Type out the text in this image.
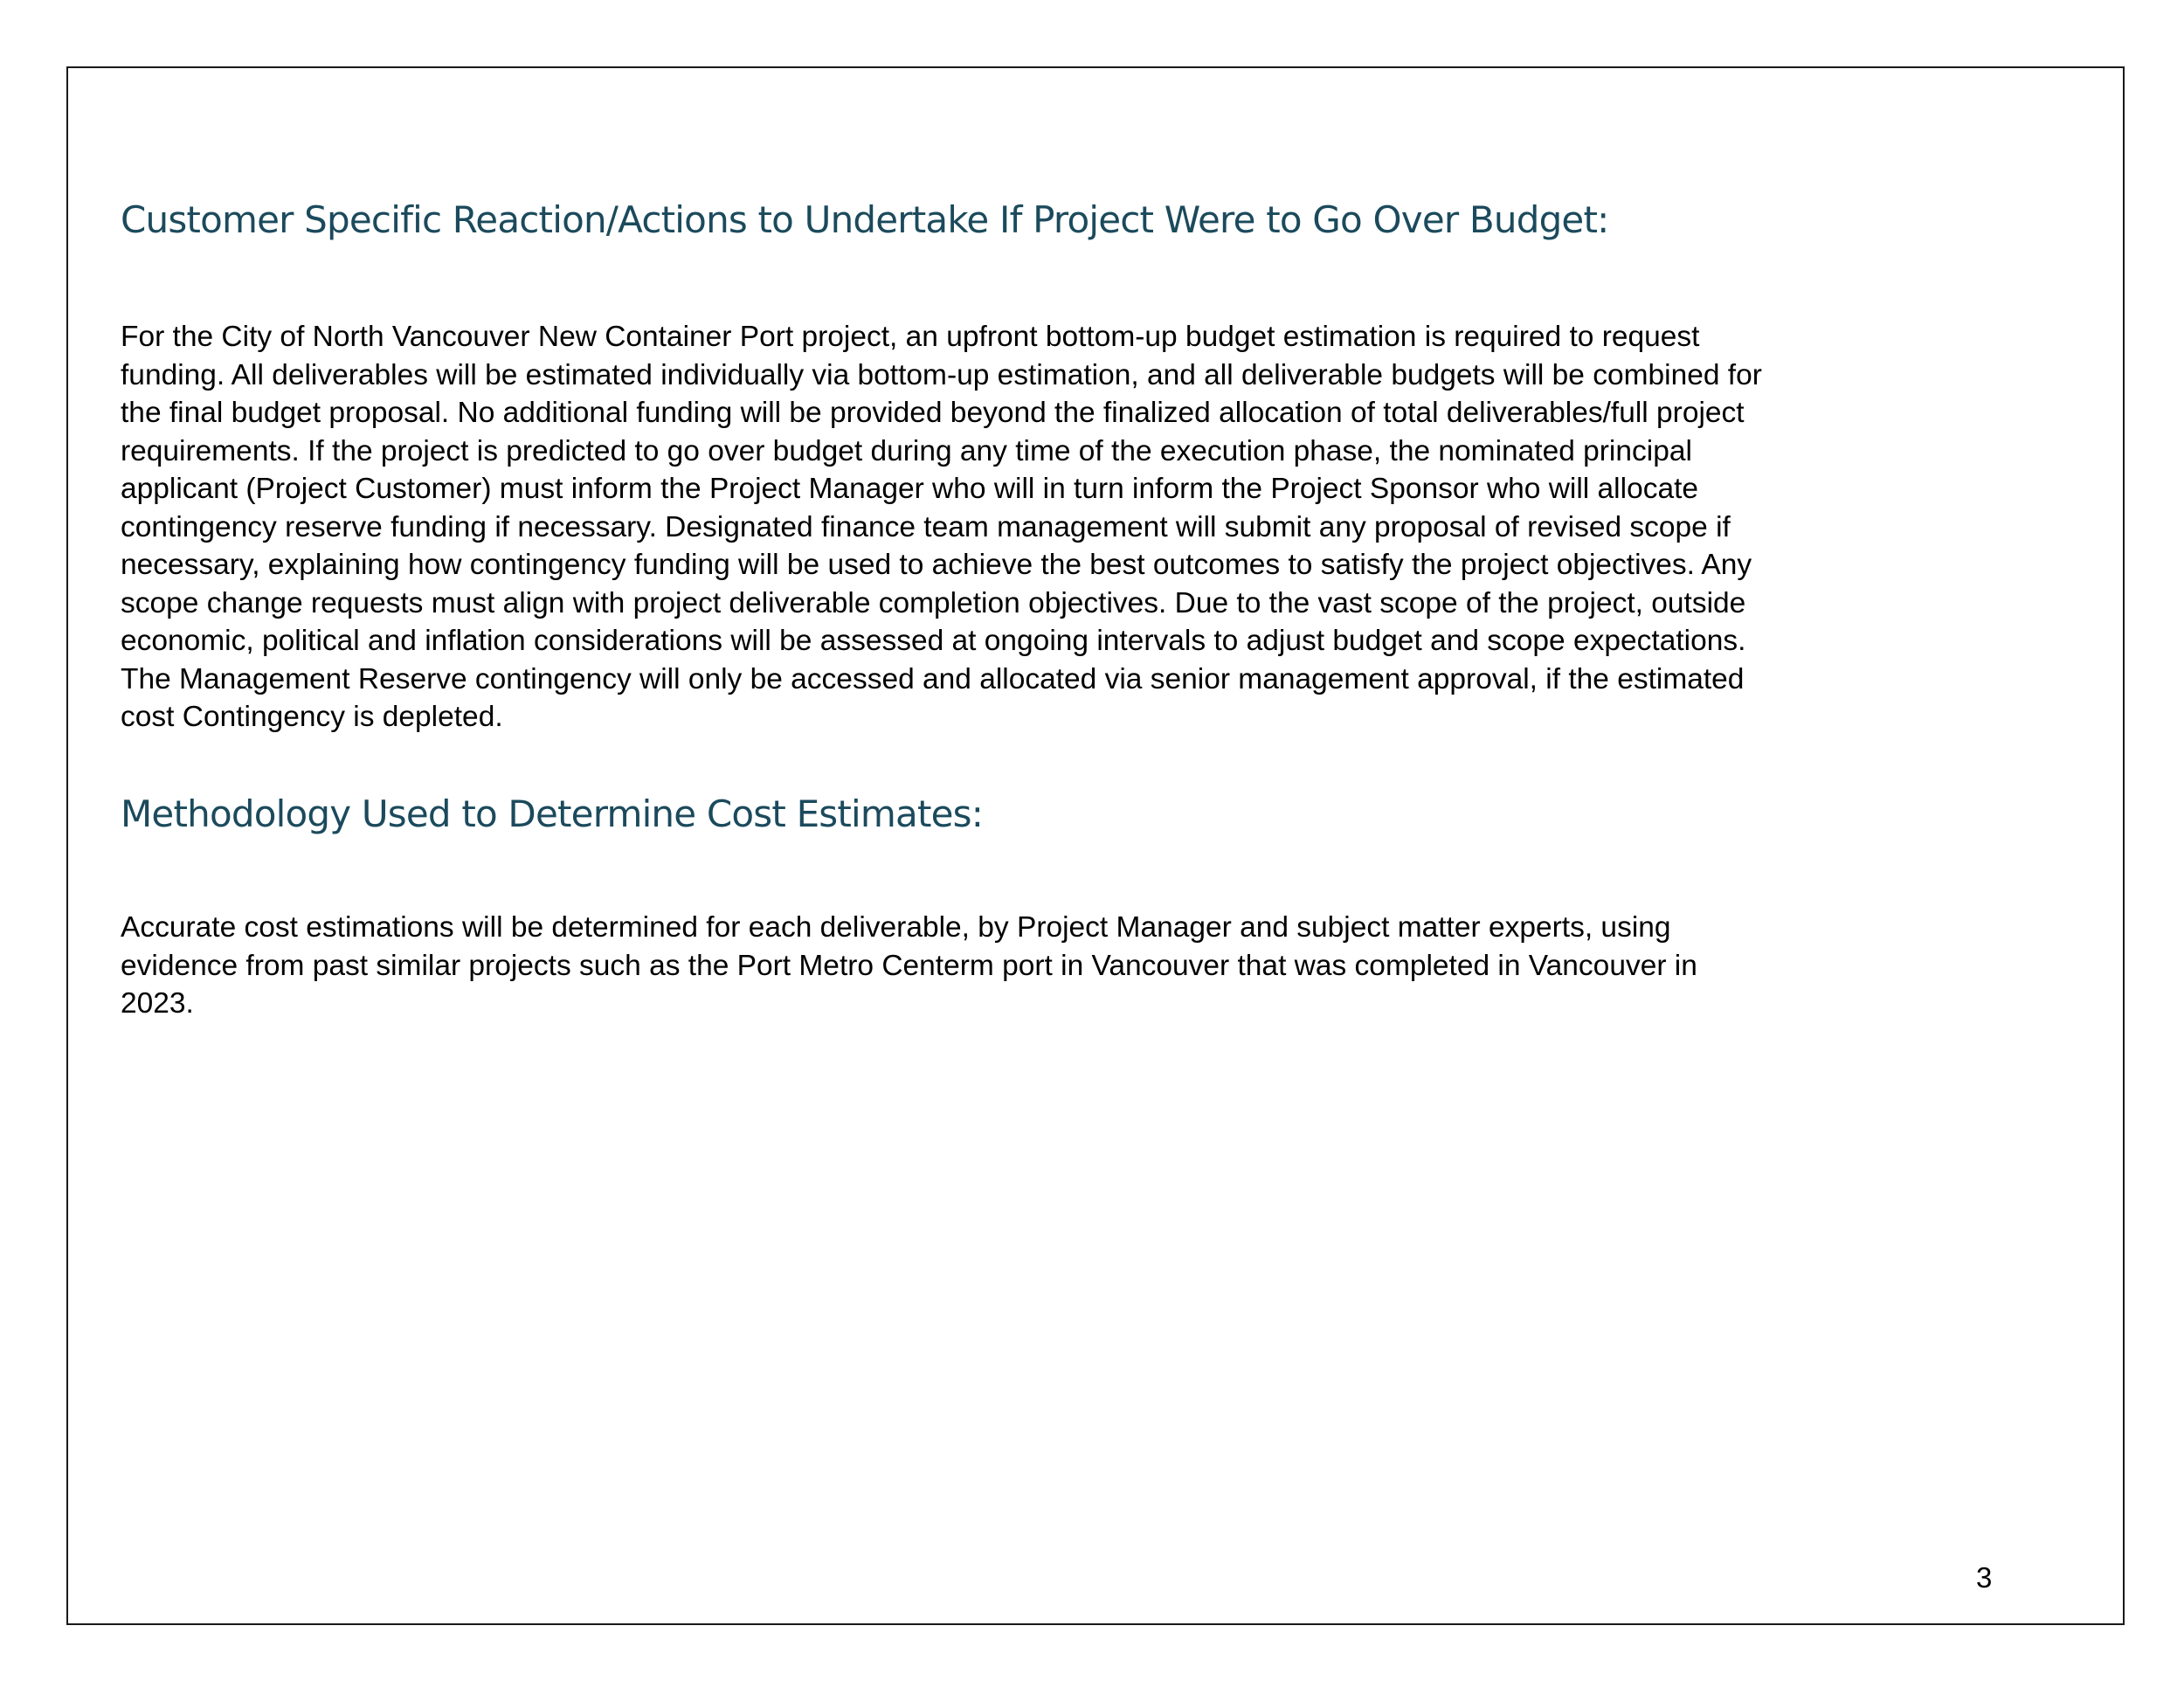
Customer Specific Reaction/Actions to Undertake If Project Were to Go Over Budget:

For the City of North Vancouver New Container Port project, an upfront bottom-up budget estimation is required to request
funding. All deliverables will be estimated individually via bottom-up estimation, and all deliverable budgets will be combined for
the final budget proposal. No additional funding will be provided beyond the finalized allocation of total deliverables/full project
requirements. If the project is predicted to go over budget during any time of the execution phase, the nominated principal
applicant (Project Customer) must inform the Project Manager who will in turn inform the Project Sponsor who will allocate
contingency reserve funding if necessary. Designated finance team management will submit any proposal of revised scope if
necessary, explaining how contingency funding will be used to achieve the best outcomes to satisfy the project objectives. Any
scope change requests must align with project deliverable completion objectives. Due to the vast scope of the project, outside
economic, political and inflation considerations will be assessed at ongoing intervals to adjust budget and scope expectations.
The Management Reserve contingency will only be accessed and allocated via senior management approval, if the estimated
cost Contingency is depleted.

Methodology Used to Determine Cost Estimates:

Accurate cost estimations will be determined for each deliverable, by Project Manager and subject matter experts, using
evidence from past similar projects such as the Port Metro Centerm port in Vancouver that was completed in Vancouver in
2023.

3
